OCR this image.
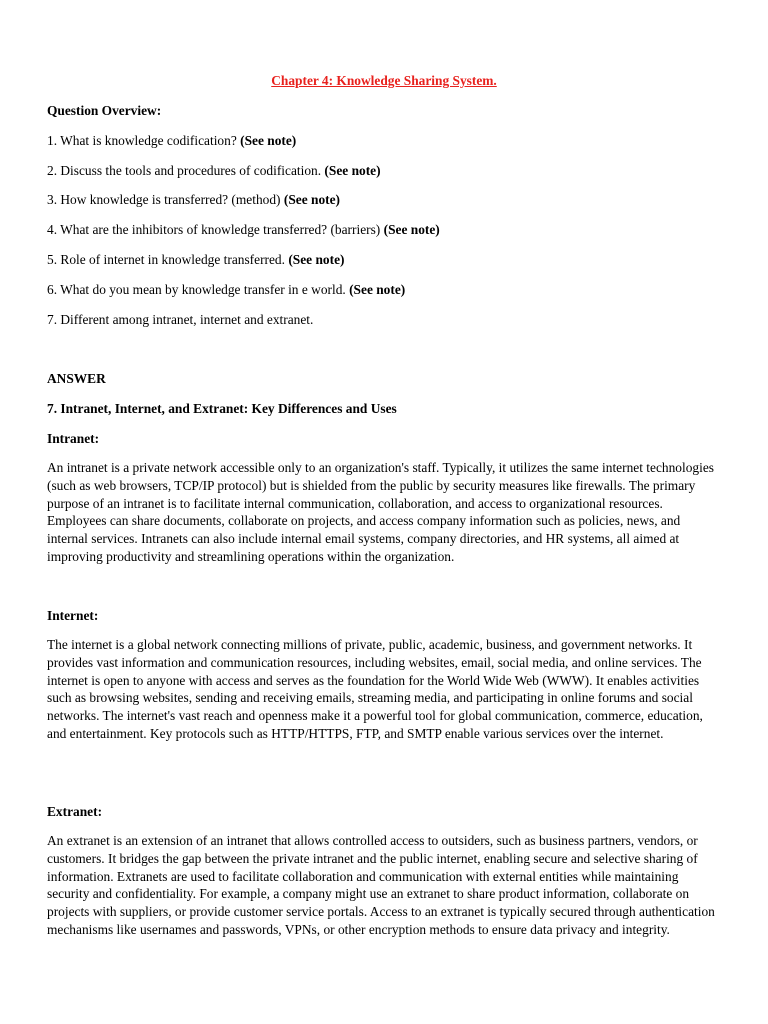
Chapter 4: Knowledge Sharing System.
Question Overview:
1. What is knowledge codification? (See note)
2. Discuss the tools and procedures of codification. (See note)
3. How knowledge is transferred? (method) (See note)
4. What are the inhibitors of knowledge transferred? (barriers) (See note)
5. Role of internet in knowledge transferred. (See note)
6. What do you mean by knowledge transfer in e world. (See note)
7. Different among intranet, internet and extranet.
ANSWER
7. Intranet, Internet, and Extranet: Key Differences and Uses
Intranet:

An intranet is a private network accessible only to an organization's staff. Typically, it utilizes the same internet technologies (such as web browsers, TCP/IP protocol) but is shielded from the public by security measures like firewalls. The primary purpose of an intranet is to facilitate internal communication, collaboration, and access to organizational resources. Employees can share documents, collaborate on projects, and access company information such as policies, news, and internal services. Intranets can also include internal email systems, company directories, and HR systems, all aimed at improving productivity and streamlining operations within the organization.

Internet:

The internet is a global network connecting millions of private, public, academic, business, and government networks. It provides vast information and communication resources, including websites, email, social media, and online services. The internet is open to anyone with access and serves as the foundation for the World Wide Web (WWW). It enables activities such as browsing websites, sending and receiving emails, streaming media, and participating in online forums and social networks. The internet's vast reach and openness make it a powerful tool for global communication, commerce, education, and entertainment. Key protocols such as HTTP/HTTPS, FTP, and SMTP enable various services over the internet.

Extranet:

An extranet is an extension of an intranet that allows controlled access to outsiders, such as business partners, vendors, or customers. It bridges the gap between the private intranet and the public internet, enabling secure and selective sharing of information. Extranets are used to facilitate collaboration and communication with external entities while maintaining security and confidentiality. For example, a company might use an extranet to share product information, collaborate on projects with suppliers, or provide customer service portals. Access to an extranet is typically secured through authentication mechanisms like usernames and passwords, VPNs, or other encryption methods to ensure data privacy and integrity.
